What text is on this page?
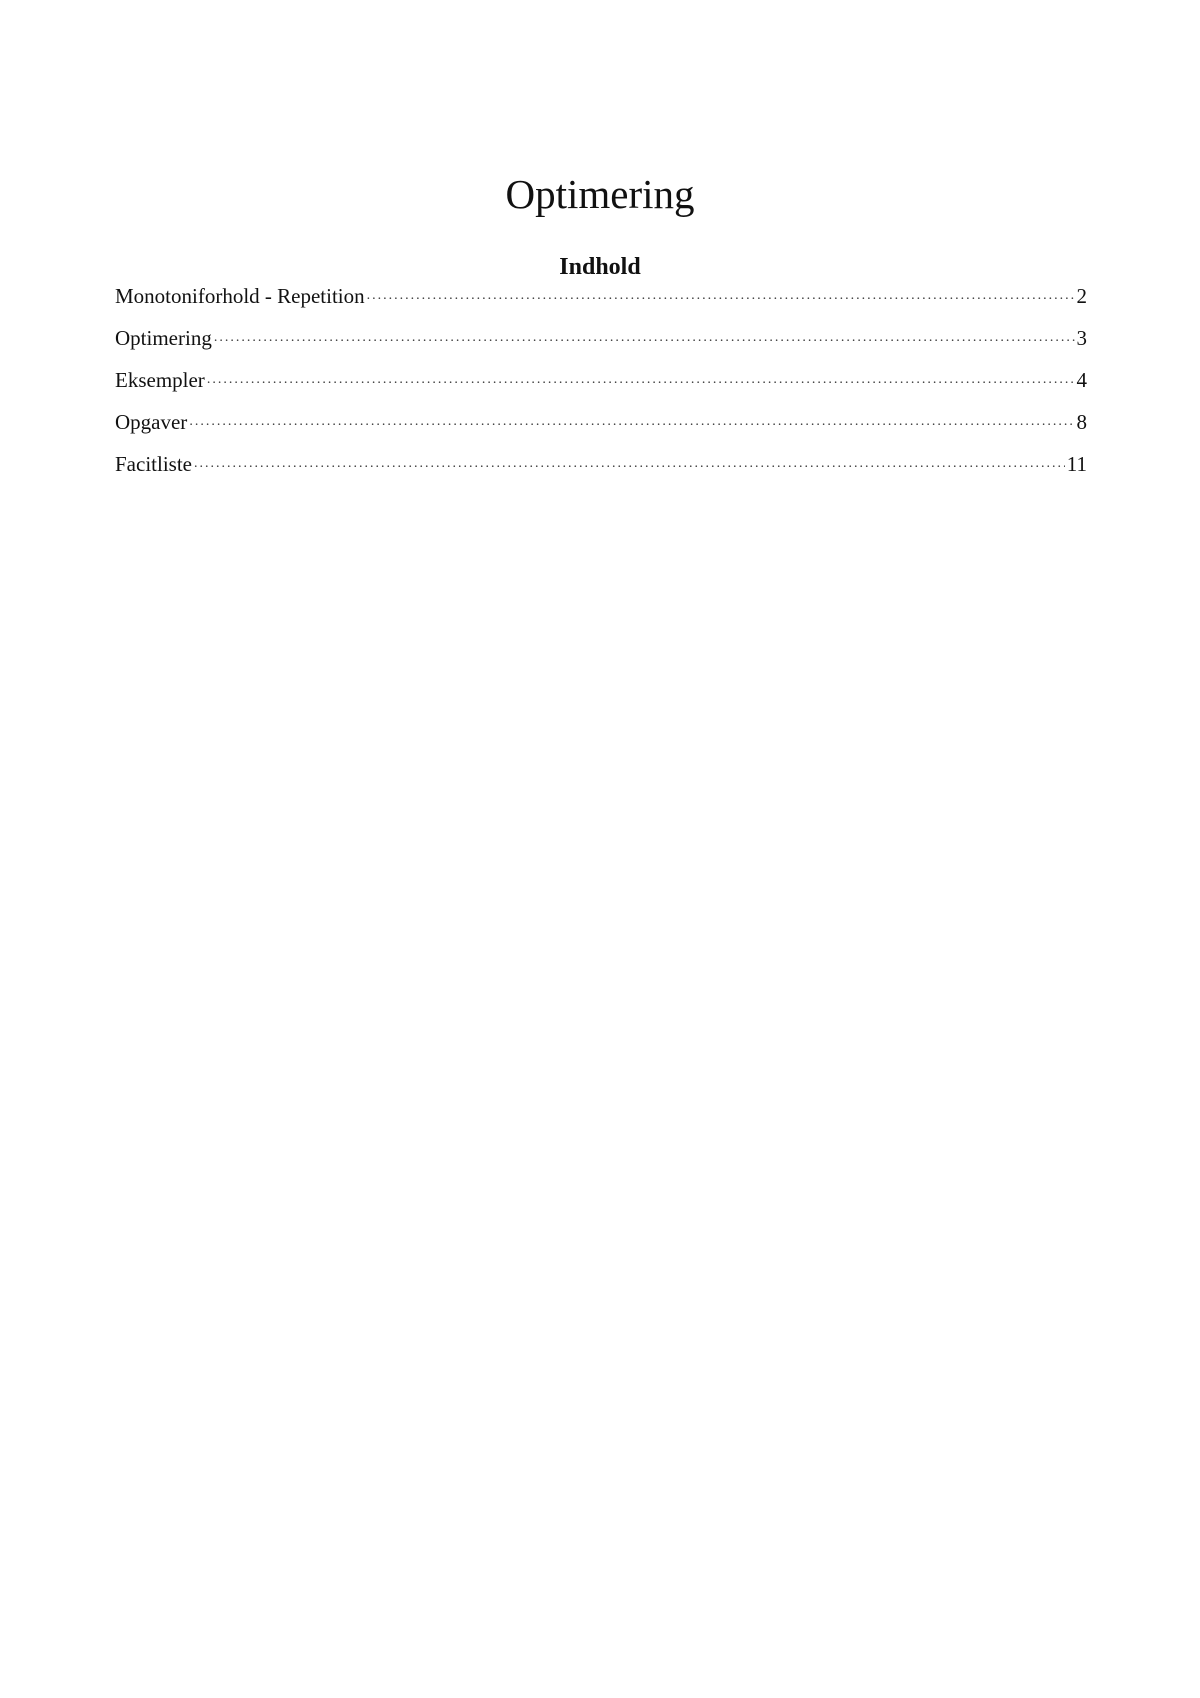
Optimering
Indhold
Monotoniforhold - Repetition .....	2
Optimering .....	3
Eksempler .....	4
Opgaver .....	8
Facitliste .....	11
